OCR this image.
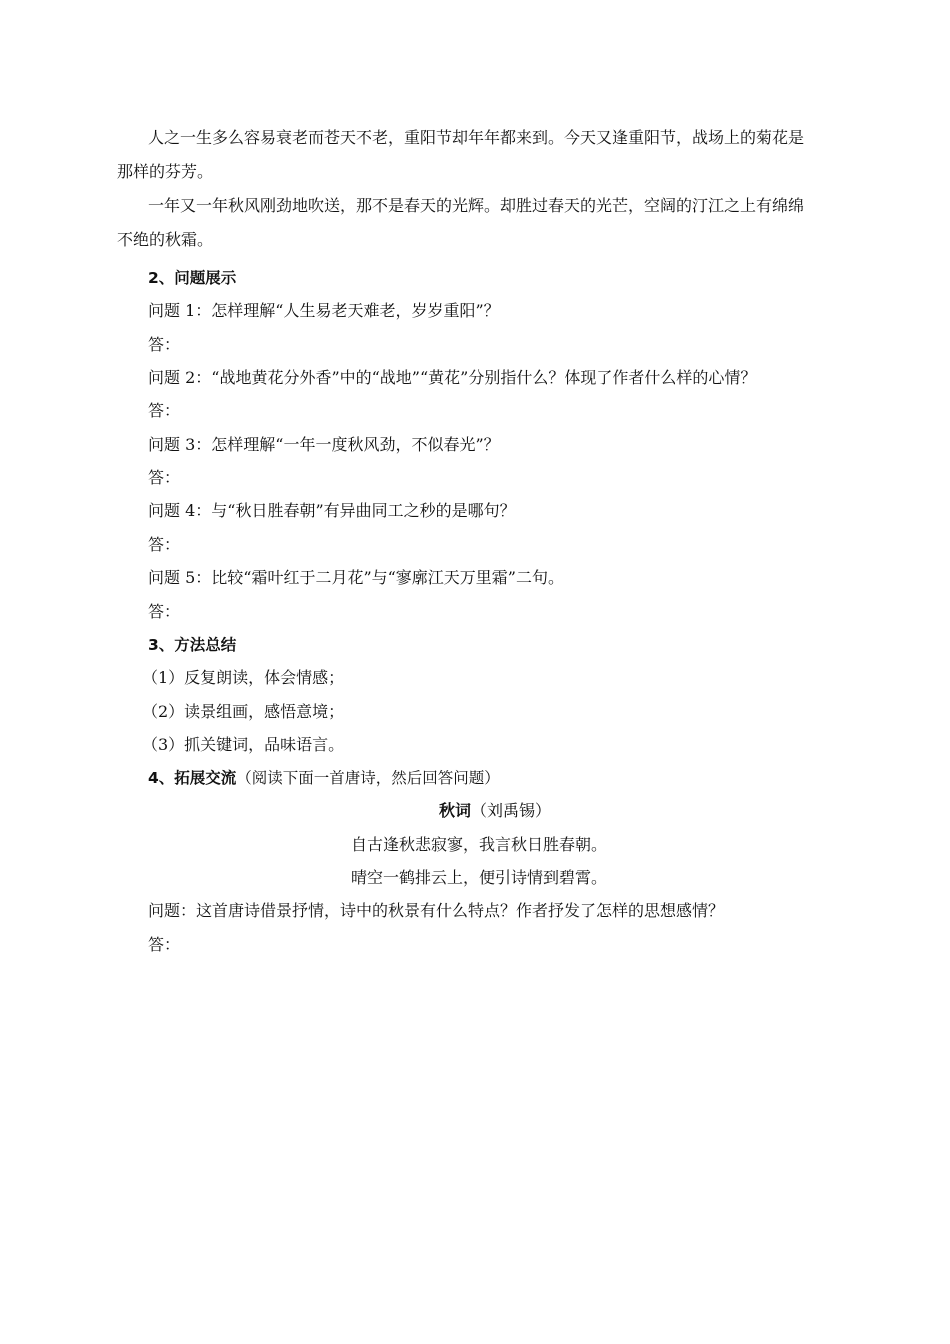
人之一生多么容易衰老而苍天不老，重阳节却年年都来到。今天又逢重阳节，战场上的菊花是
那样的芬芳。
一年又一年秋风刚劲地吹送，那不是春天的光辉。却胜过春天的光芒，空阔的汀江之上有绵绵
不绝的秋霜。
2、问题展示
问题 1：怎样理解“人生易老天难老，岁岁重阳”？
答：
问题 2：“战地黄花分外香”中的“战地”“黄花”分别指什么？体现了作者什么样的心情？
答：
问题 3：怎样理解“一年一度秋风劲，不似春光”？
答：
问题 4：与“秋日胜春朝”有异曲同工之秒的是哪句？
答：
问题 5：比较“霜叶红于二月花”与“寥廓江天万里霜”二句。
答：
3、方法总结
（1）反复朗读，体会情感；
（2）读景组画，感悟意境；
（3）抓关键词，品味语言。
4、拓展交流（阅读下面一首唐诗，然后回答问题）
秋词（刘禹锡）
自古逢秋悲寂寥，我言秋日胜春朝。
晴空一鹤排云上，便引诗情到碧霄。
问题：这首唐诗借景抒情，诗中的秋景有什么特点？作者抒发了怎样的思想感情？
答：
